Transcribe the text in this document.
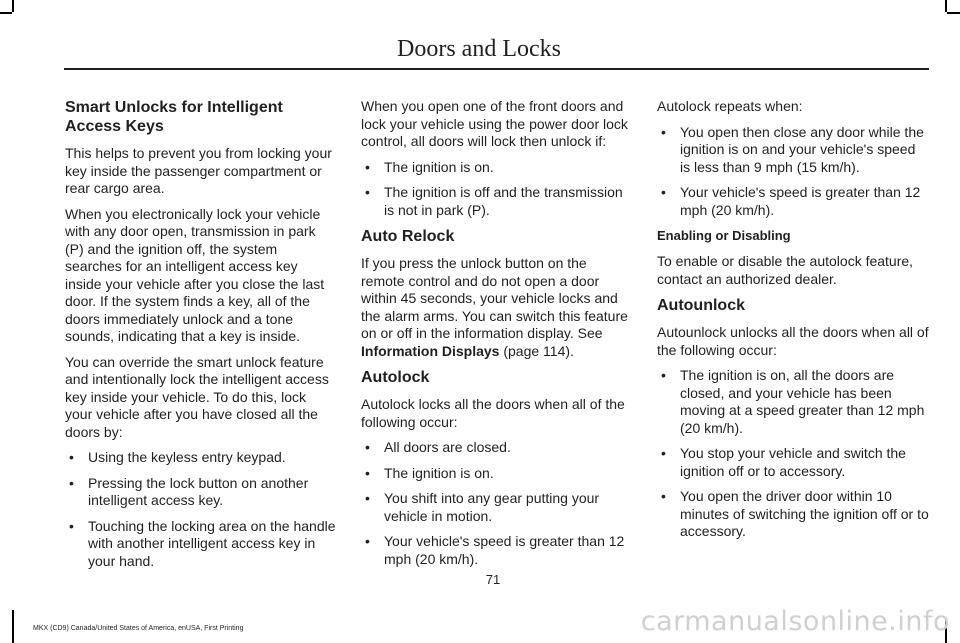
Doors and Locks
Smart Unlocks for Intelligent Access Keys

This helps to prevent you from locking your key inside the passenger compartment or rear cargo area.

When you electronically lock your vehicle with any door open, transmission in park (P) and the ignition off, the system searches for an intelligent access key inside your vehicle after you close the last door. If the system finds a key, all of the doors immediately unlock and a tone sounds, indicating that a key is inside.

You can override the smart unlock feature and intentionally lock the intelligent access key inside your vehicle. To do this, lock your vehicle after you have closed all the doors by:

• Using the keyless entry keypad.
• Pressing the lock button on another intelligent access key.
• Touching the locking area on the handle with another intelligent access key in your hand.

When you open one of the front doors and lock your vehicle using the power door lock control, all doors will lock then unlock if:

• The ignition is on.
• The ignition is off and the transmission is not in park (P).
Auto Relock

If you press the unlock button on the remote control and do not open a door within 45 seconds, your vehicle locks and the alarm arms. You can switch this feature on or off in the information display. See Information Displays (page 114).

Autolock

Autolock locks all the doors when all of the following occur:

• All doors are closed.
• The ignition is on.
• You shift into any gear putting your vehicle in motion.
• Your vehicle's speed is greater than 12 mph (20 km/h).

Autolock repeats when:

• You open then close any door while the ignition is on and your vehicle's speed is less than 9 mph (15 km/h).
• Your vehicle's speed is greater than 12 mph (20 km/h).
Enabling or Disabling

To enable or disable the autolock feature, contact an authorized dealer.

Autounlock

Autounlock unlocks all the doors when all of the following occur:

• The ignition is on, all the doors are closed, and your vehicle has been moving at a speed greater than 12 mph (20 km/h).
• You stop your vehicle and switch the ignition off or to accessory.
• You open the driver door within 10 minutes of switching the ignition off or to accessory.
71
MKX (CD9) Canada/United States of America, enUSA, First Printing	carmanualsonline.info
